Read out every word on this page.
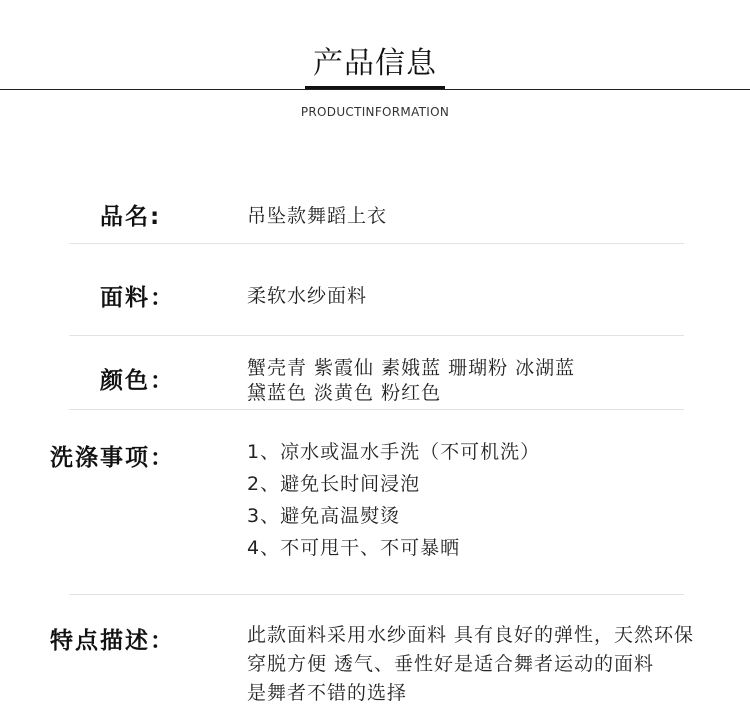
产品信息
PRODUCTINFORMATION
品名:	吊坠款舞蹈上衣
面料：	柔软水纱面料
颜色：	蟹壳青 紫霞仙 素娥蓝 珊瑚粉 冰湖蓝
黛蓝色 淡黄色 粉红色
洗涤事项：	1、凉水或温水手洗（不可机洗）
2、避免长时间浸泡
3、避免高温熨烫
4、不可甩干、不可暴晒
特点描述：	此款面料采用水纱面料 具有良好的弹性，天然环保
穿脱方便 透气、垂性好是适合舞者运动的面料
是舞者不错的选择
